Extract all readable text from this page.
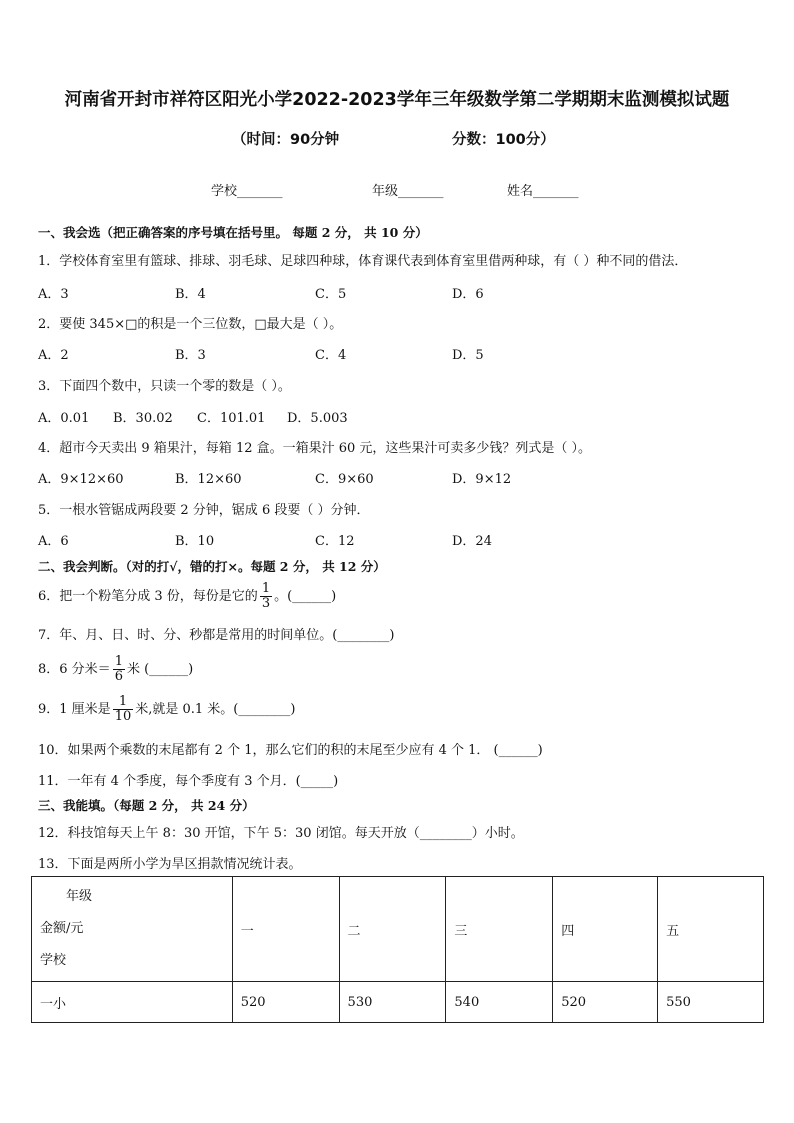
河南省开封市祥符区阳光小学2022-2023学年三年级数学第二学期期末监测模拟试题
（时间：90分钟	分数：100分）
学校_______	年级_______	姓名_______
一、我会选（把正确答案的序号填在括号里。 每题 2 分， 共 10 分）
1．学校体育室里有篮球、排球、羽毛球、足球四种球，体育课代表到体育室里借两种球，有（ ）种不同的借法．
A．3	B．4	C．5	D．6
2．要使 345×□的积是一个三位数，□最大是（ ）。
A．2	B．3	C．4	D．5
3．下面四个数中，只读一个零的数是（ ）。
A．0.01 B．30.02 C．101.01 D．5.003
4．超市今天卖出 9 箱果汁，每箱 12 盒。一箱果汁 60 元，这些果汁可卖多少钱？列式是（ ）。
A．9×12×60	B．12×60	C．9×60	D．9×12
5．一根水管锯成两段要 2 分钟，锯成 6 段要（ ）分钟．
A．6	B．10	C．12	D．24
二、我会判断。（对的打√，错的打×。每题 2 分， 共 12 分）
6．把一个粉笔分成 3 份，每份是它的 $\frac{1}{3}$ 。(______)
7．年、月、日、时、分、秒都是常用的时间单位。(________)
8．6 分米＝ $\frac{1}{6}$ 米 (______)
9．1 厘米是 $\frac{1}{10}$ 米,就是 0.1 米。(________)
10．如果两个乘数的末尾都有 2 个 1，那么它们的积的末尾至少应有 4 个 1． (______)
11．一年有 4 个季度，每个季度有 3 个月．(_____)
三、我能填。（每题 2 分， 共 24 分）
12．科技馆每天上午 8：30 开馆，下午 5：30 闭馆。每天开放（________）小时。
13．下面是两所小学为旱区捐款情况统计表。
年级
金额/元
学校	一	二	三	四	五
一小	520	530	540	520	550
